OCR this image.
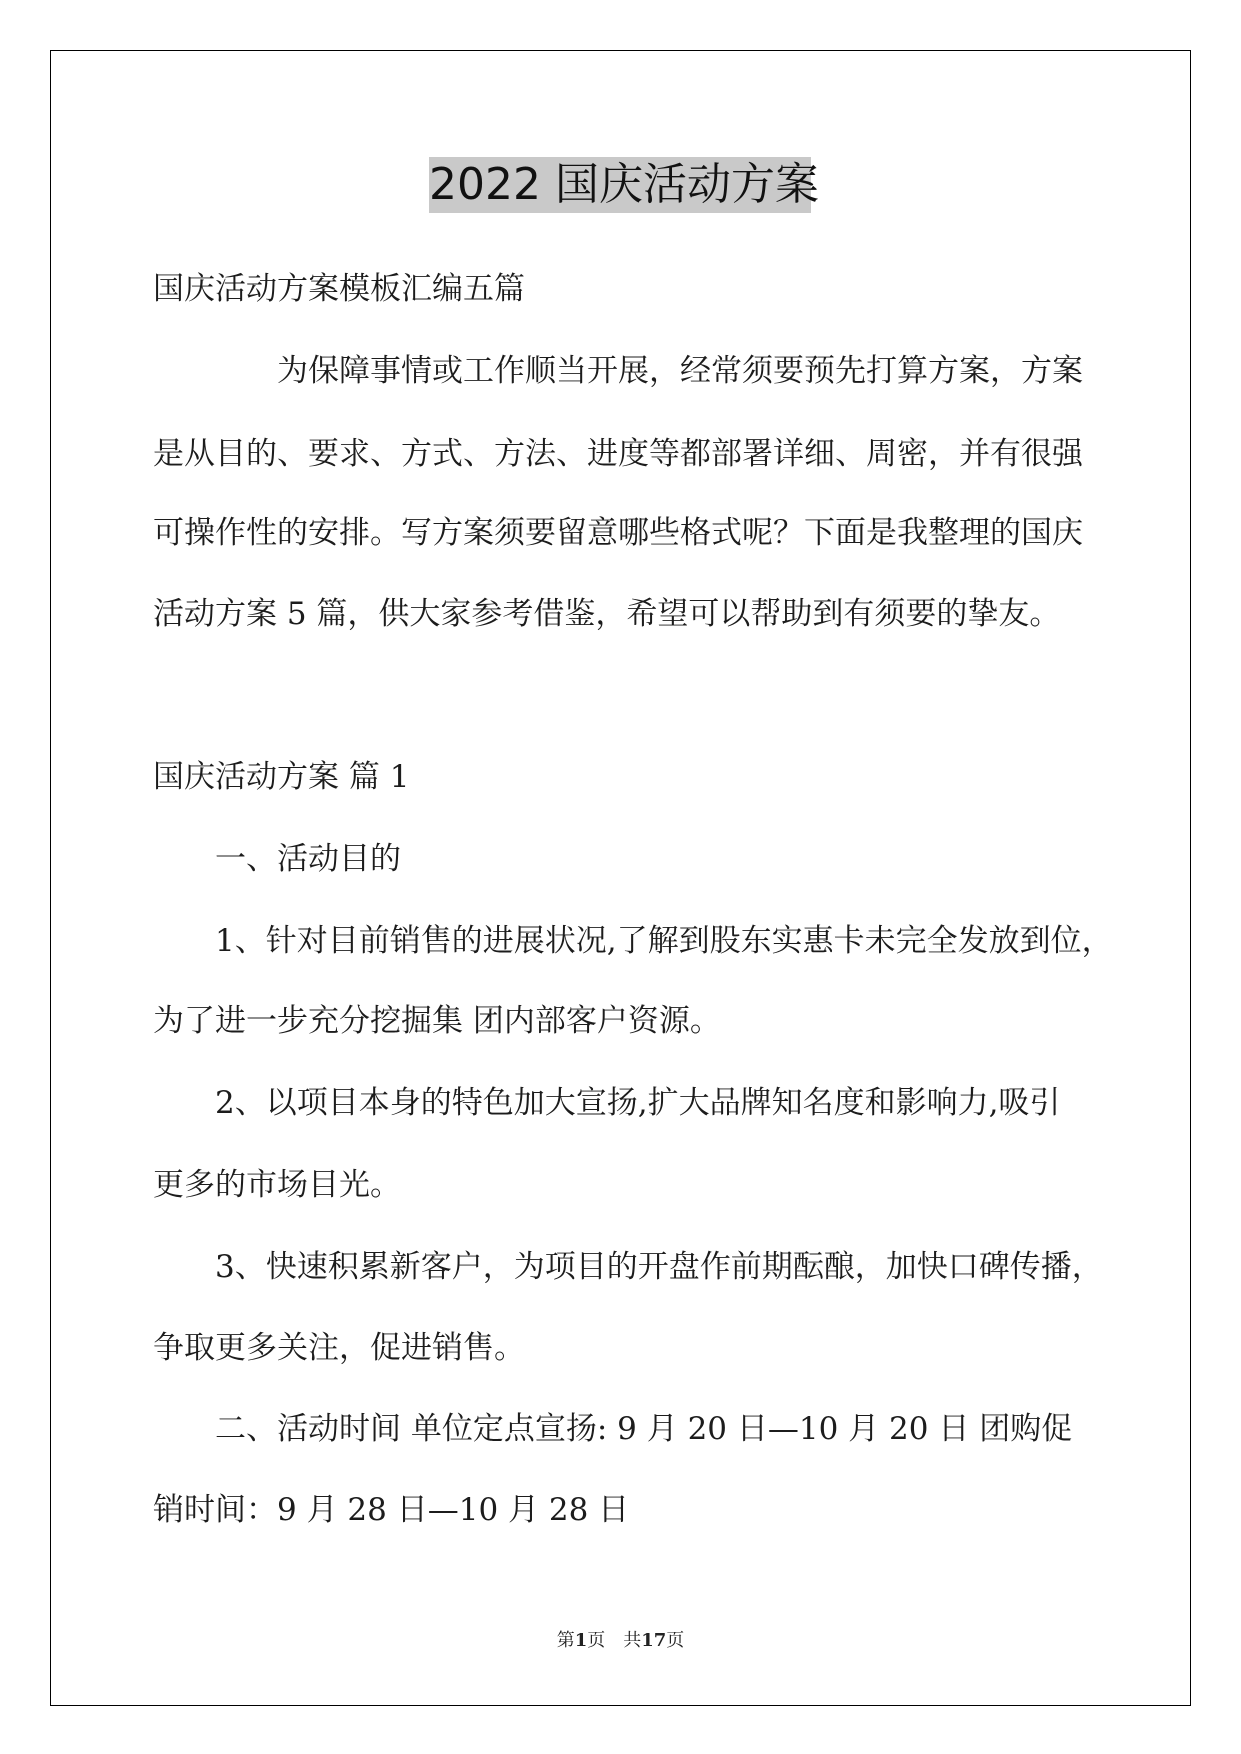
2022 国庆活动方案
国庆活动方案模板汇编五篇
为保障事情或工作顺当开展，经常须要预先打算方案，方案
是从目的、要求、方式、方法、进度等都部署详细、周密，并有很强
可操作性的安排。写方案须要留意哪些格式呢？下面是我整理的国庆
活动方案 5 篇，供大家参考借鉴，希望可以帮助到有须要的挚友。
国庆活动方案 篇 1
一、活动目的
1、针对目前销售的进展状况,了解到股东实惠卡未完全发放到位，
为了进一步充分挖掘集 团内部客户资源。
2、以项目本身的特色加大宣扬,扩大品牌知名度和影响力,吸引
更多的市场目光。
3、快速积累新客户，为项目的开盘作前期酝酿，加快口碑传播，
争取更多关注，促进销售。
二、活动时间 单位定点宣扬: 9 月 20 日—10 月 20 日 团购促
销时间：9 月 28 日—10 月 28 日
第1页 共17页
